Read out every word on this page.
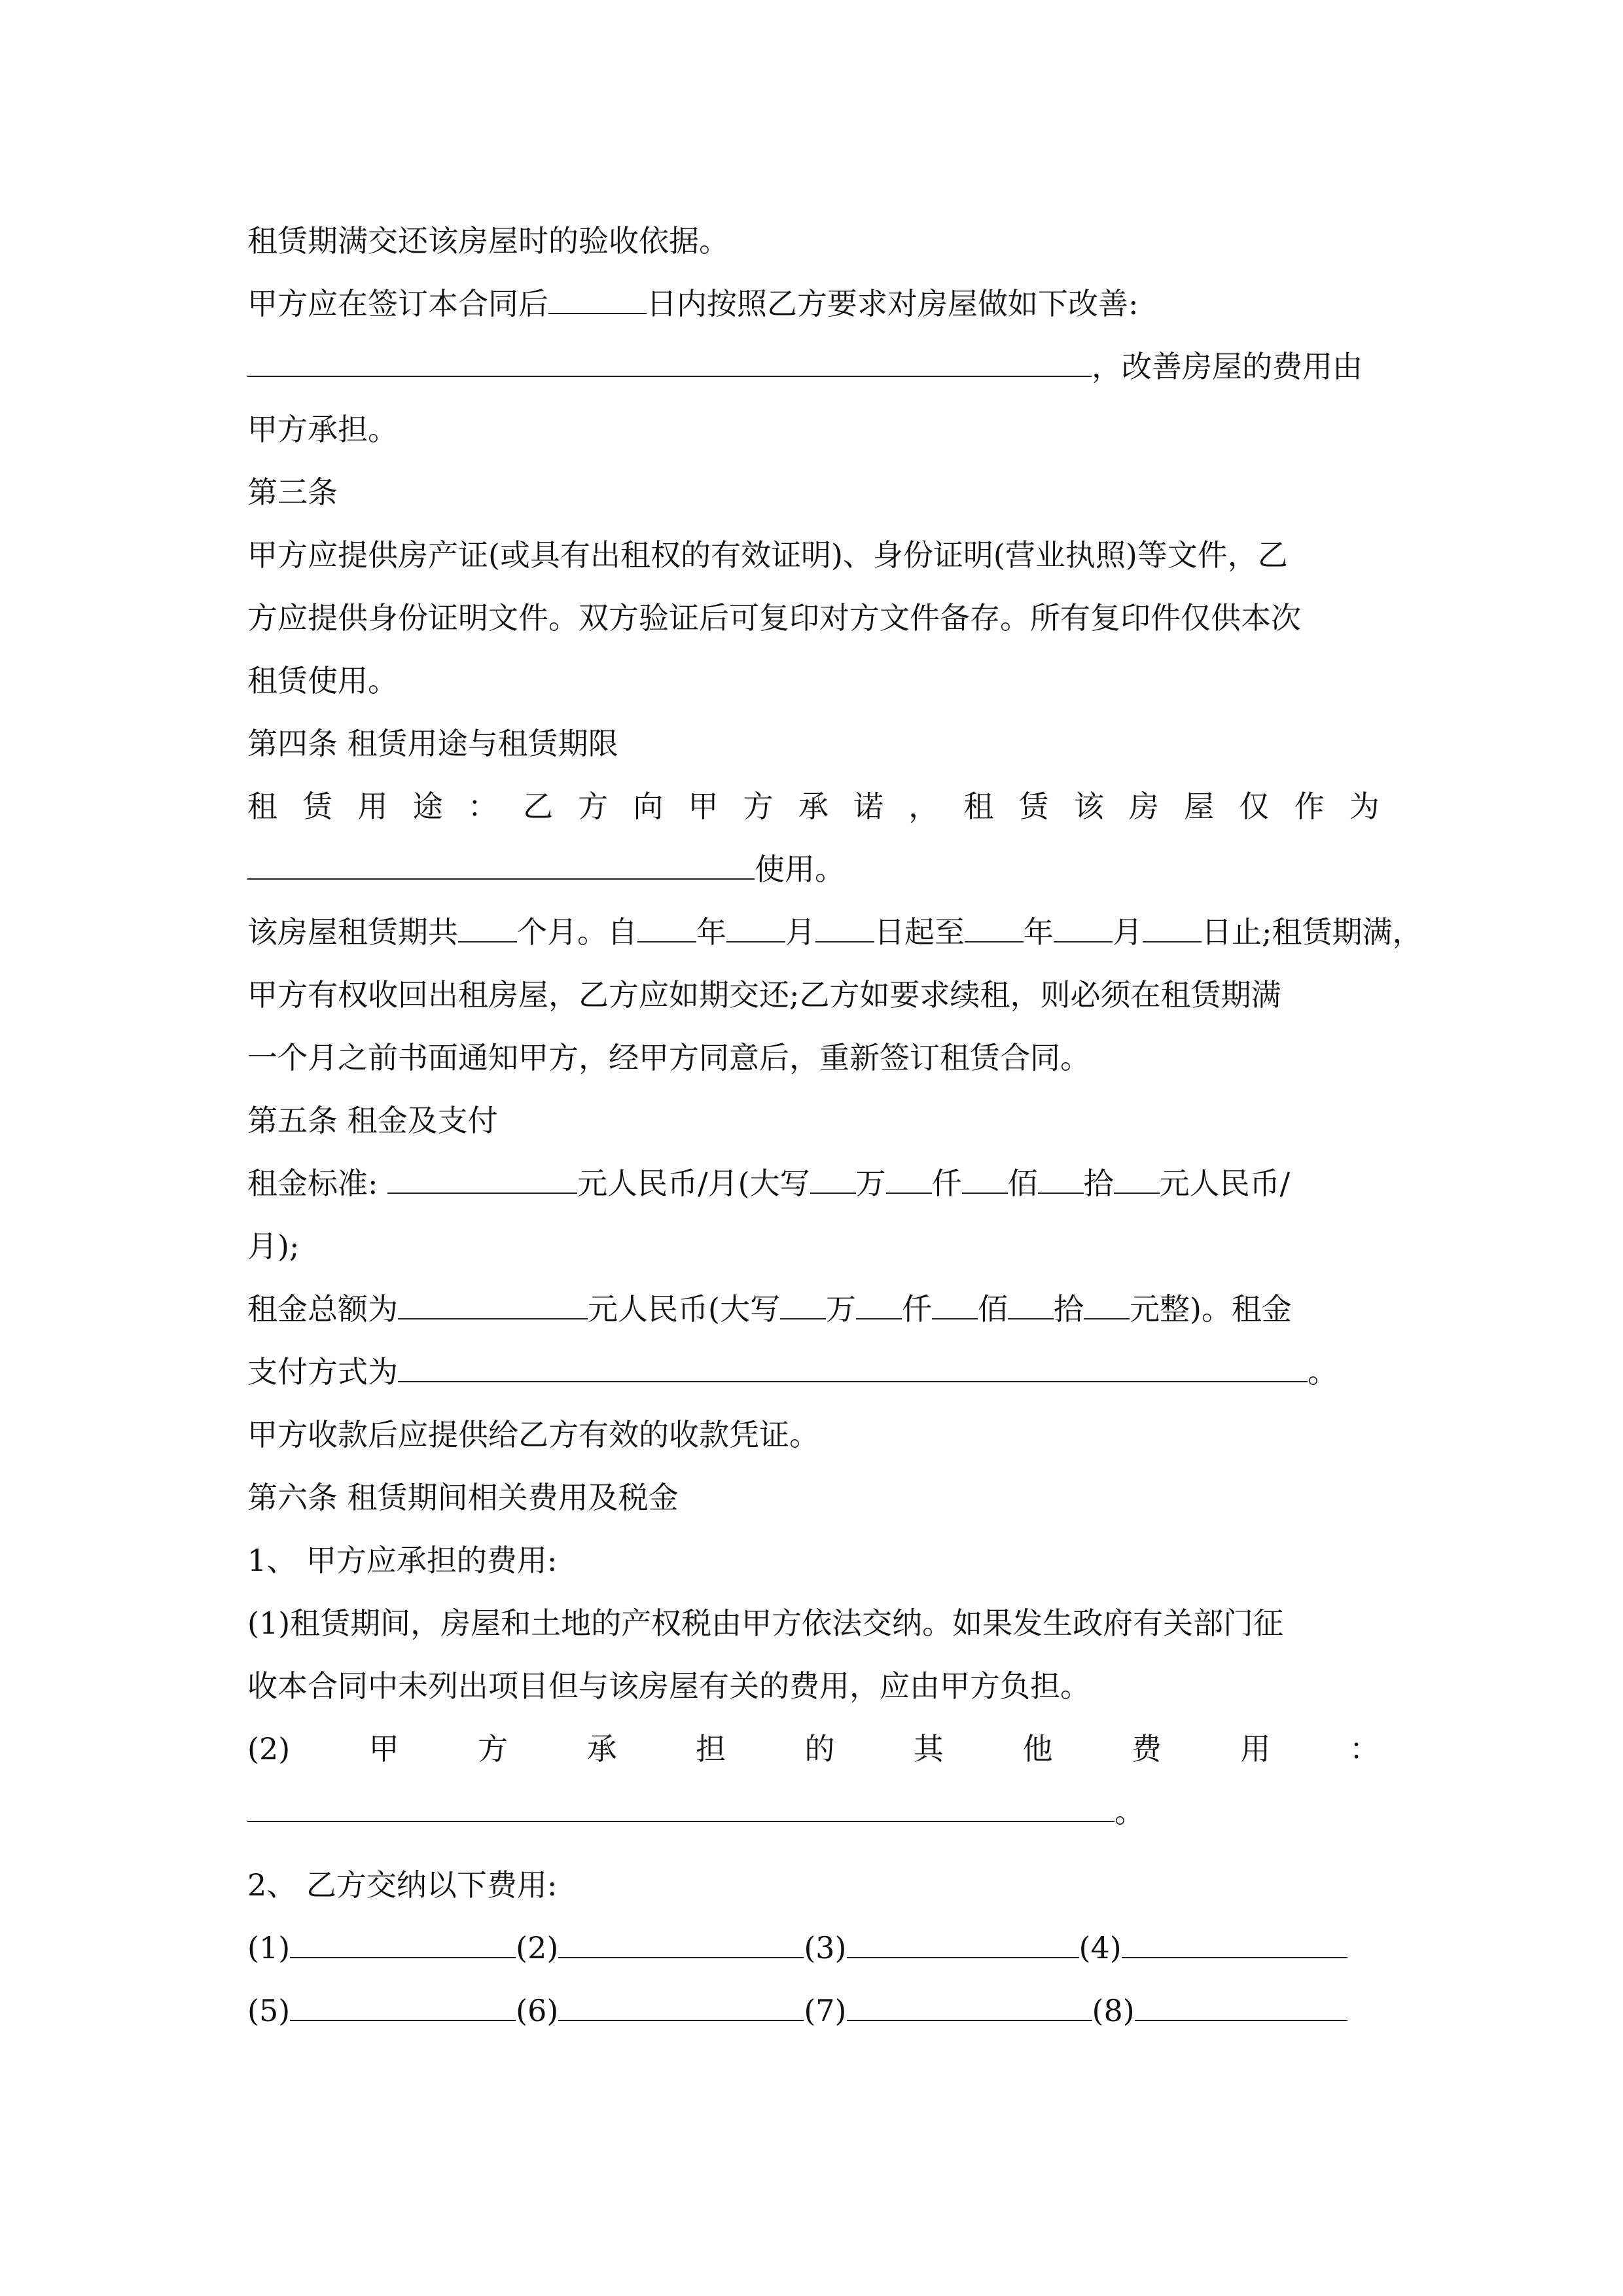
租赁期满交还该房屋时的验收依据。
甲方应在签订本合同后	日内按照乙方要求对房屋做如下改善:
，改善房屋的费用由
甲方承担。
第三条
甲方应提供房产证(或具有出租权的有效证明)、身份证明(营业执照)等文件，乙
方应提供身份证明文件。双方验证后可复印对方文件备存。所有复印件仅供本次
租赁使用。
第四条 租赁用途与租赁期限
租 赁 用 途 ： 乙 方 向 甲 方 承 诺 ， 租 赁 该 房 屋 仅 作 为
使用。
该房屋租赁期共 个月。自 年 月 日起至 年 月 日止;租赁期满，
甲方有权收回出租房屋，乙方应如期交还;乙方如要求续租，则必须在租赁期满
一个月之前书面通知甲方，经甲方同意后，重新签订租赁合同。
第五条 租金及支付
租金标准:	元人民币/月(大写 万 仟 佰 拾 元人民币/
月);
租金总额为	元人民币(大写 万 仟 佰 拾 元整)。租金
支付方式为	。
甲方收款后应提供给乙方有效的收款凭证。
第六条 租赁期间相关费用及税金
1、 甲方应承担的费用:
(1)租赁期间，房屋和土地的产权税由甲方依法交纳。如果发生政府有关部门征
收本合同中未列出项目但与该房屋有关的费用，应由甲方负担。
(2)	甲	方	承	担	的	其	他	费	用	：
。
2、 乙方交纳以下费用:
(1)	(2)	(3)	(4)
(5)	(6)	(7)	(8)
